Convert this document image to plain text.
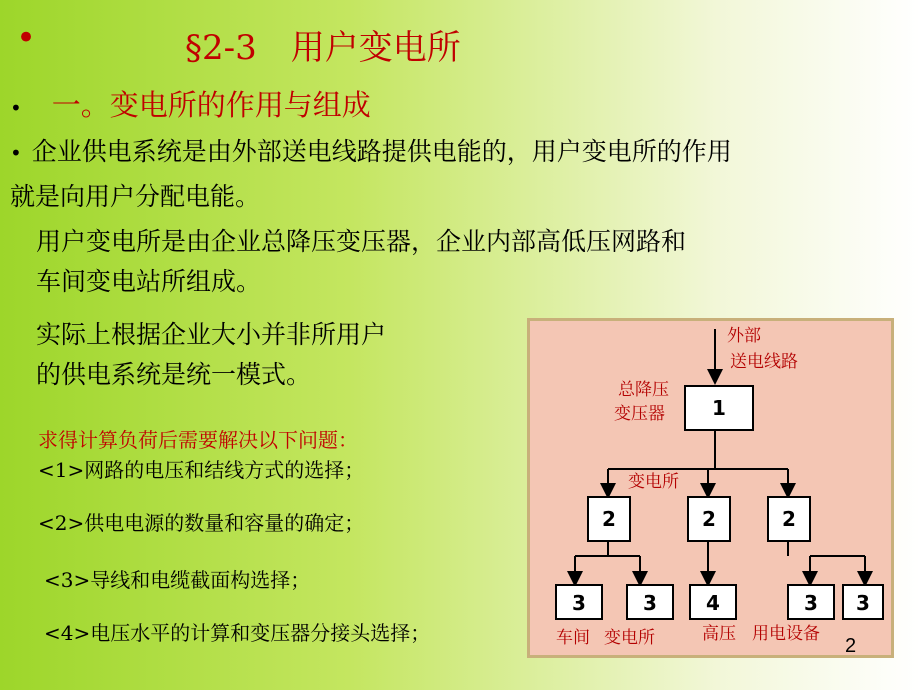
•	§2-3　用户变电所
• 一。变电所的作用与组成
• 企业供电系统是由外部送电线路提供电能的，用户变电所的作用
就是向用户分配电能。
用户变电所是由企业总降压变压器，企业内部高低压网路和
车间变电站所组成。
实际上根据企业大小并非所用户
的供电系统是统一模式。
求得计算负荷后需要解决以下问题：
<1>网路的电压和结线方式的选择；
<2>供电电源的数量和容量的确定；
<3>导线和电缆截面构选择；
<4>电压水平的计算和变压器分接头选择；
外部
送电线路
总降压
变压器
变电所
1
2	2	2
3	3 4	3 3
车间 变电所	高压 用电设备
2
